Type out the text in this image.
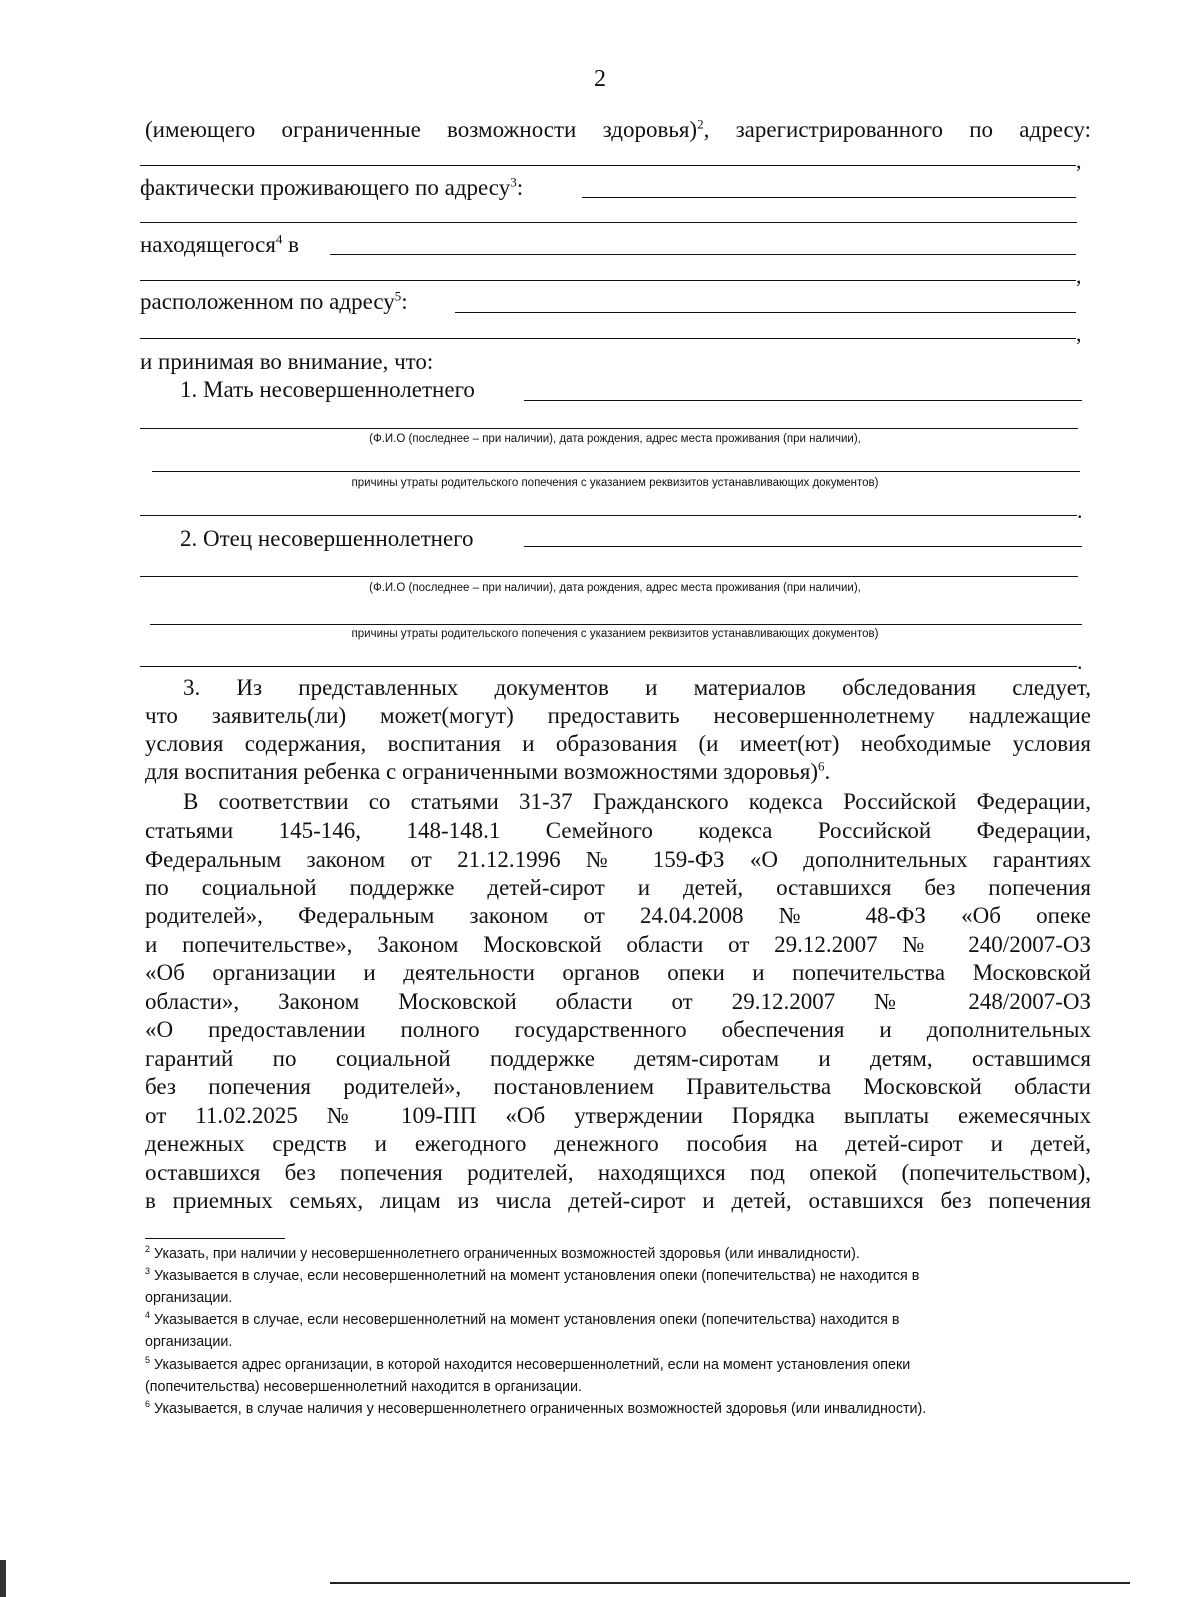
2
(имеющего ограниченные возможности здоровья)$^2$, зарегистрированного по адресу:
,
фактически проживающего по адресу$^3$:
находящегося$^4$ в
,
расположенном по адресу$^5$:
,
и принимая во внимание, что:
1. Мать несовершеннолетнего
(Ф.И.О (последнее – при наличии), дата рождения, адрес места проживания (при наличии),
причины утраты родительского попечения с указанием реквизитов устанавливающих документов)
.
2. Отец несовершеннолетнего
(Ф.И.О (последнее – при наличии), дата рождения, адрес места проживания (при наличии),
причины утраты родительского попечения с указанием реквизитов устанавливающих документов)
.
3. Из представленных документов и материалов обследования следует,
что заявитель(ли) может(могут) предоставить несовершеннолетнему надлежащие
условия содержания, воспитания и образования (и имеет(ют) необходимые условия
для воспитания ребенка с ограниченными возможностями здоровья)$^6$.
В соответствии со статьями 31-37 Гражданского кодекса Российской Федерации,
статьями 145-146, 148-148.1 Семейного кодекса Российской Федерации,
Федеральным законом от 21.12.1996 № 159-ФЗ «О дополнительных гарантиях
по социальной поддержке детей-сирот и детей, оставшихся без попечения
родителей», Федеральным законом от 24.04.2008 № 48-ФЗ «Об опеке
и попечительстве», Законом Московской области от 29.12.2007 № 240/2007-ОЗ
«Об организации и деятельности органов опеки и попечительства Московской
области», Законом Московской области от 29.12.2007 № 248/2007-ОЗ
«О предоставлении полного государственного обеспечения и дополнительных
гарантий по социальной поддержке детям-сиротам и детям, оставшимся
без попечения родителей», постановлением Правительства Московской области
от 11.02.2025 № 109-ПП «Об утверждении Порядка выплаты ежемесячных
денежных средств и ежегодного денежного пособия на детей-сирот и детей,
оставшихся без попечения родителей, находящихся под опекой (попечительством),
в приемных семьях, лицам из числа детей-сирот и детей, оставшихся без попечения
$^2$ Указать, при наличии у несовершеннолетнего ограниченных возможностей здоровья (или инвалидности).
$^3$ Указывается в случае, если несовершеннолетний на момент установления опеки (попечительства) не находится в
организации.
$^4$ Указывается в случае, если несовершеннолетний на момент установления опеки (попечительства) находится в
организации.
$^5$ Указывается адрес организации, в которой находится несовершеннолетний, если на момент установления опеки
(попечительства) несовершеннолетний находится в организации.
$^6$ Указывается, в случае наличия у несовершеннолетнего ограниченных возможностей здоровья (или инвалидности).
